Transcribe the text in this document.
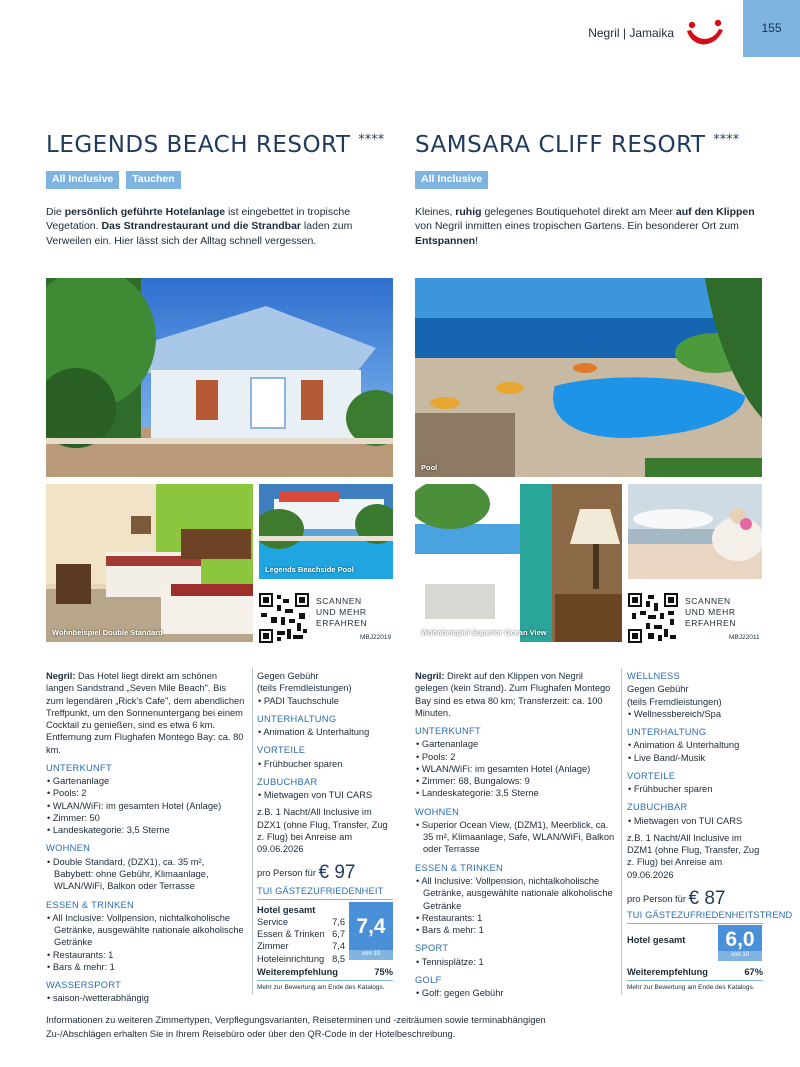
Negril | Jamaika	155
LEGENDS BEACH RESORT ****
All Inclusive	Tauchen
Die persönlich geführte Hotelanlage ist eingebettet in tropische Vegetation. Das Strandrestaurant und die Strandbar laden zum Verweilen ein. Hier lässt sich der Alltag schnell vergessen.
SAMSARA CLIFF RESORT ****
All Inclusive
Kleines, ruhig gelegenes Boutiquehotel direkt am Meer auf den Klippen von Negril inmitten eines tropischen Gartens. Ein besonderer Ort zum Entspannen!
Wohnbeispiel Double Standard
Legends Beachside Pool
SCANNEN
UND MEHR
ERFAHREN
MBJ22019
Pool
Wohnbeispiel Superior Ocean View
SCANNEN
UND MEHR
ERFAHREN
MBJ22011

Negril: Das Hotel liegt direkt am schönen langen Sandstrand „Seven Mile Beach". Bis zum legendären „Rick's Cafe", dem abendlichen Treffpunkt, um den Sonnenuntergang bei einem Cocktail zu genießen, sind es etwa 6 km. Entfernung zum Flughafen Montego Bay: ca. 80 km.

UNTERKUNFT
• Gartenanlage
• Pools: 2
• WLAN/WiFi: im gesamten Hotel (Anlage)
• Zimmer: 50
• Landeskategorie: 3,5 Sterne
WOHNEN
• Double Standard, (DZX1), ca. 35 m², Babybett: ohne Gebühr, Klimaanlage, WLAN/WiFi, Balkon oder Terrasse
ESSEN & TRINKEN
• All Inclusive: Vollpension, nichtalkoholische Getränke, ausgewählte nationale alkoholische Getränke
• Restaurants: 1
• Bars & mehr: 1
WASSERSPORT
• saison-/wetterabhängig
Gegen Gebühr
(teils Fremdleistungen)
• PADI Tauchschule
UNTERHALTUNG
• Animation & Unterhaltung
VORTEILE
• Frühbucher sparen
ZUBUCHBAR
• Mietwagen von TUI CARS
z.B. 1 Nacht/All Inclusive im DZX1 (ohne Flug, Transfer, Zug z. Flug) bei Anreise am 09.06.2026
pro Person für € 97
TUI GÄSTEZUFRIEDENHEIT
Hotel gesamt
Service	7,6
Essen & Trinken 6,7
Zimmer	7,4
Hoteleinrichtung 8,5
7,4
von 10
Weiterempfehlung	75%
Mehr zur Bewertung am Ende des Katalogs.

Negril: Direkt auf den Klippen von Negril gelegen (kein Strand). Zum Flughafen Montego Bay sind es etwa 80 km; Transferzeit: ca. 100 Minuten.

UNTERKUNFT
• Gartenanlage
• Pools: 2
• WLAN/WiFi: im gesamten Hotel (Anlage)
• Zimmer: 68, Bungalows: 9
• Landeskategorie: 3,5 Sterne
WOHNEN
• Superior Ocean View, (DZM1), Meerblick, ca. 35 m², Klimaanlage, Safe, WLAN/WiFi, Balkon oder Terrasse
ESSEN & TRINKEN
• All Inclusive: Vollpension, nichtalkoholische Getränke, ausgewählte nationale alkoholische Getränke
• Restaurants: 1
• Bars & mehr: 1
SPORT
• Tennisplätze: 1
GOLF
• Golf: gegen Gebühr
WELLNESS
Gegen Gebühr
(teils Fremdleistungen)
• Wellnessbereich/Spa
UNTERHALTUNG
• Animation & Unterhaltung
• Live Band/-Musik
VORTEILE
• Frühbucher sparen
ZUBUCHBAR
• Mietwagen von TUI CARS
z.B. 1 Nacht/All Inclusive im DZM1 (ohne Flug, Transfer, Zug z. Flug) bei Anreise am 09.06.2026
pro Person für € 87
TUI GÄSTEZUFRIEDENHEITSTREND
Hotel gesamt 6,0
von 10
Weiterempfehlung	67%
Mehr zur Bewertung am Ende des Katalogs.
Informationen zu weiteren Zimmertypen, Verpflegungsvarianten, Reiseterminen und -zeiträumen sowie terminabhängigen Zu-/Abschlägen erhalten Sie in Ihrem Reisebüro oder über den QR-Code in der Hotelbeschreibung.
